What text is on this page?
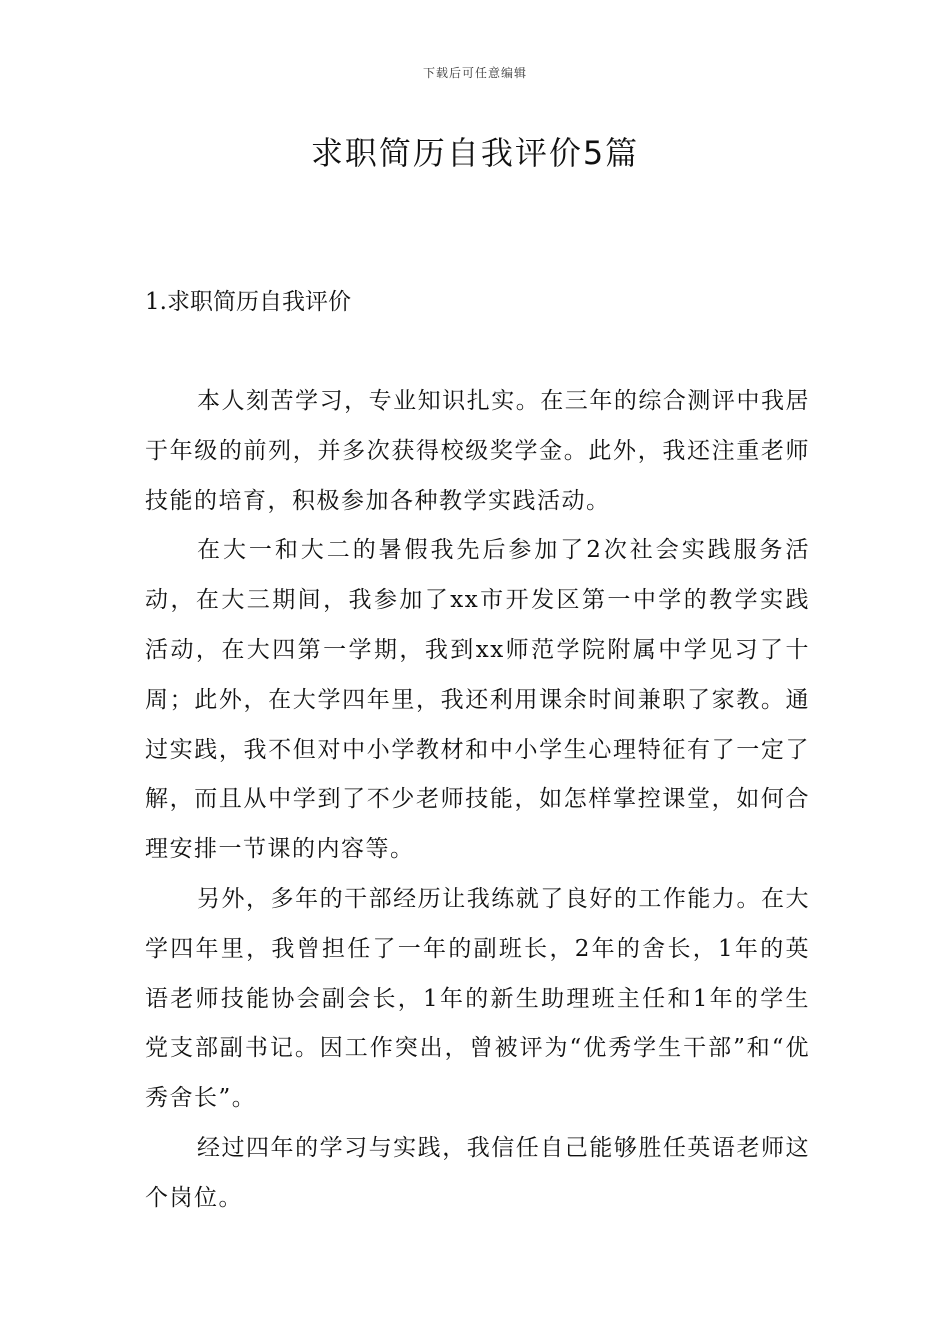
下载后可任意编辑
求职简历自我评价5篇
1.求职简历自我评价

本人刻苦学习，专业知识扎实。在三年的综合测评中我居于年级的前列，并多次获得校级奖学金。此外，我还注重老师技能的培育，积极参加各种教学实践活动。

在大一和大二的暑假我先后参加了2次社会实践服务活动，在大三期间，我参加了xx市开发区第一中学的教学实践活动，在大四第一学期，我到xx师范学院附属中学见习了十周；此外，在大学四年里，我还利用课余时间兼职了家教。通过实践，我不但对中小学教材和中小学生心理特征有了一定了解，而且从中学到了不少老师技能，如怎样掌控课堂，如何合理安排一节课的内容等。

另外，多年的干部经历让我练就了良好的工作能力。在大学四年里，我曾担任了一年的副班长，2年的舍长，1年的英语老师技能协会副会长，1年的新生助理班主任和1年的学生党支部副书记。因工作突出，曾被评为“优秀学生干部”和“优秀舍长”。

经过四年的学习与实践，我信任自己能够胜任英语老师这个岗位。
